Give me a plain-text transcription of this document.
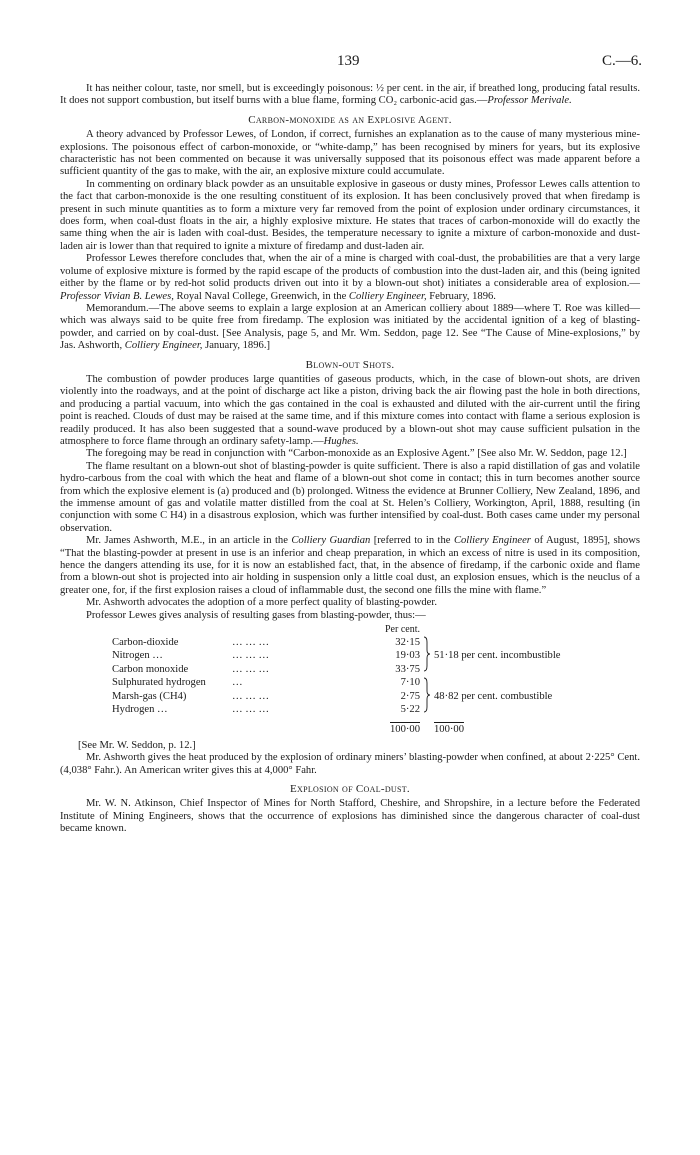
139	C.—6.

It has neither colour, taste, nor smell, but is exceedingly poisonous: ½ per cent. in the air, if breathed long, producing fatal results. It does not support combustion, but itself burns with a blue flame, forming CO₂ carbonic-acid gas.—Professor Merivale.

Carbon-monoxide as an Explosive Agent.

A theory advanced by Professor Lewes, of London, if correct, furnishes an explanation as to the cause of many mysterious mine-explosions. The poisonous effect of carbon-monoxide, or “white-damp,” has been recognised by miners for years, but its explosive characteristic has not been commented on because it was universally supposed that its poisonous effect was made apparent before a sufficient quantity of the gas to make, with the air, an explosive mixture could accumulate.

In commenting on ordinary black powder as an unsuitable explosive in gaseous or dusty mines, Professor Lewes calls attention to the fact that carbon-monoxide is the one resulting constituent of its explosion. It has been conclusively proved that when firedamp is present in such minute quantities as to form a mixture very far removed from the point of explosion under ordinary circumstances, it does form, when coal-dust floats in the air, a highly explosive mixture. He states that traces of carbon-monoxide will do exactly the same thing when the air is laden with coal-dust. Besides, the temperature necessary to ignite a mixture of carbon-monoxide and dust-laden air is lower than that required to ignite a mixture of firedamp and dust-laden air.

Professor Lewes therefore concludes that, when the air of a mine is charged with coal-dust, the probabilities are that a very large volume of explosive mixture is formed by the rapid escape of the products of combustion into the dust-laden air, and this (being ignited either by the flame or by red-hot solid products driven out into it by a blown-out shot) initiates a considerable area of explosion.—Professor Vivian B. Lewes, Royal Naval College, Greenwich, in the Colliery Engineer, February, 1896.

Memorandum.—The above seems to explain a large explosion at an American colliery about 1889—where T. Roe was killed—which was always said to be quite free from firedamp. The explosion was initiated by the accidental ignition of a keg of blasting-powder, and carried on by coal-dust. [See Analysis, page 5, and Mr. Wm. Seddon, page 12. See “The Cause of Mine-explosions,” by Jas. Ashworth, Colliery Engineer, January, 1896.]

Blown-out Shots.

The combustion of powder produces large quantities of gaseous products, which, in the case of blown-out shots, are driven violently into the roadways, and at the point of discharge act like a piston, driving back the air flowing past the hole in both directions, and producing a partial vacuum, into which the gas contained in the coal is exhausted and diluted with the air-current until the firing point is reached. Clouds of dust may be raised at the same time, and if this mixture comes into contact with flame a serious explosion is readily produced. It has also been suggested that a sound-wave produced by a blown-out shot may cause sufficient pulsation in the atmosphere to force flame through an ordinary safety-lamp.—Hughes.

The foregoing may be read in conjunction with “Carbon-monoxide as an Explosive Agent.” [See also Mr. W. Seddon, page 12.]

The flame resultant on a blown-out shot of blasting-powder is quite sufficient. There is also a rapid distillation of gas and volatile hydro-carbous from the coal with which the heat and flame of a blown-out shot come in contact; this in turn becomes another source from which the explosive element is (a) produced and (b) prolonged. Witness the evidence at Brunner Colliery, New Zealand, 1896, and the immense amount of gas and volatile matter distilled from the coal at St. Helen’s Colliery, Workington, April, 1888, resulting (in conjunction with some C H4) in a disastrous explosion, which was further intensified by coal-dust. Both cases came under my personal observation.

Mr. James Ashworth, M.E., in an article in the Colliery Guardian [referred to in the Colliery Engineer of August, 1895], shows “That the blasting-powder at present in use is an inferior and cheap preparation, in which an excess of nitre is used in its composition, hence the dangers attending its use, for it is now an established fact, that, in the absence of firedamp, if the carbonic oxide and flame from a blown-out shot is projected into air holding in suspension only a little coal dust, an explosion ensues, which is the neuclus of a greater one, for, if the first explosion raises a cloud of inflammable dust, the second one fills the mine with flame.”

Mr. Ashworth advocates the adoption of a more perfect quality of blasting-powder.

Professor Lewes gives analysis of resulting gases from blasting-powder, thus:—

		Per cent.		
Carbon-dioxide	… … …	32·15		51·18 per cent. incombustible
Nitrogen …	… … …	19·03		
Carbon monoxide	… … …	33·75		
Sulphurated hydrogen	…	7·10		48·82 per cent. combustible
Marsh-gas (CH4)	… … …	2·75		
Hydrogen …	… … …	5·22		
		100·00		100·00

[See Mr. W. Seddon, p. 12.]

Mr. Ashworth gives the heat produced by the explosion of ordinary miners’ blasting-powder when confined, at about 2·225° Cent. (4,038° Fahr.). An American writer gives this at 4,000° Fahr.

Explosion of Coal-dust.

Mr. W. N. Atkinson, Chief Inspector of Mines for North Stafford, Cheshire, and Shropshire, in a lecture before the Federated Institute of Mining Engineers, shows that the occurrence of explosions has diminished since the dangerous character of coal-dust became known.
